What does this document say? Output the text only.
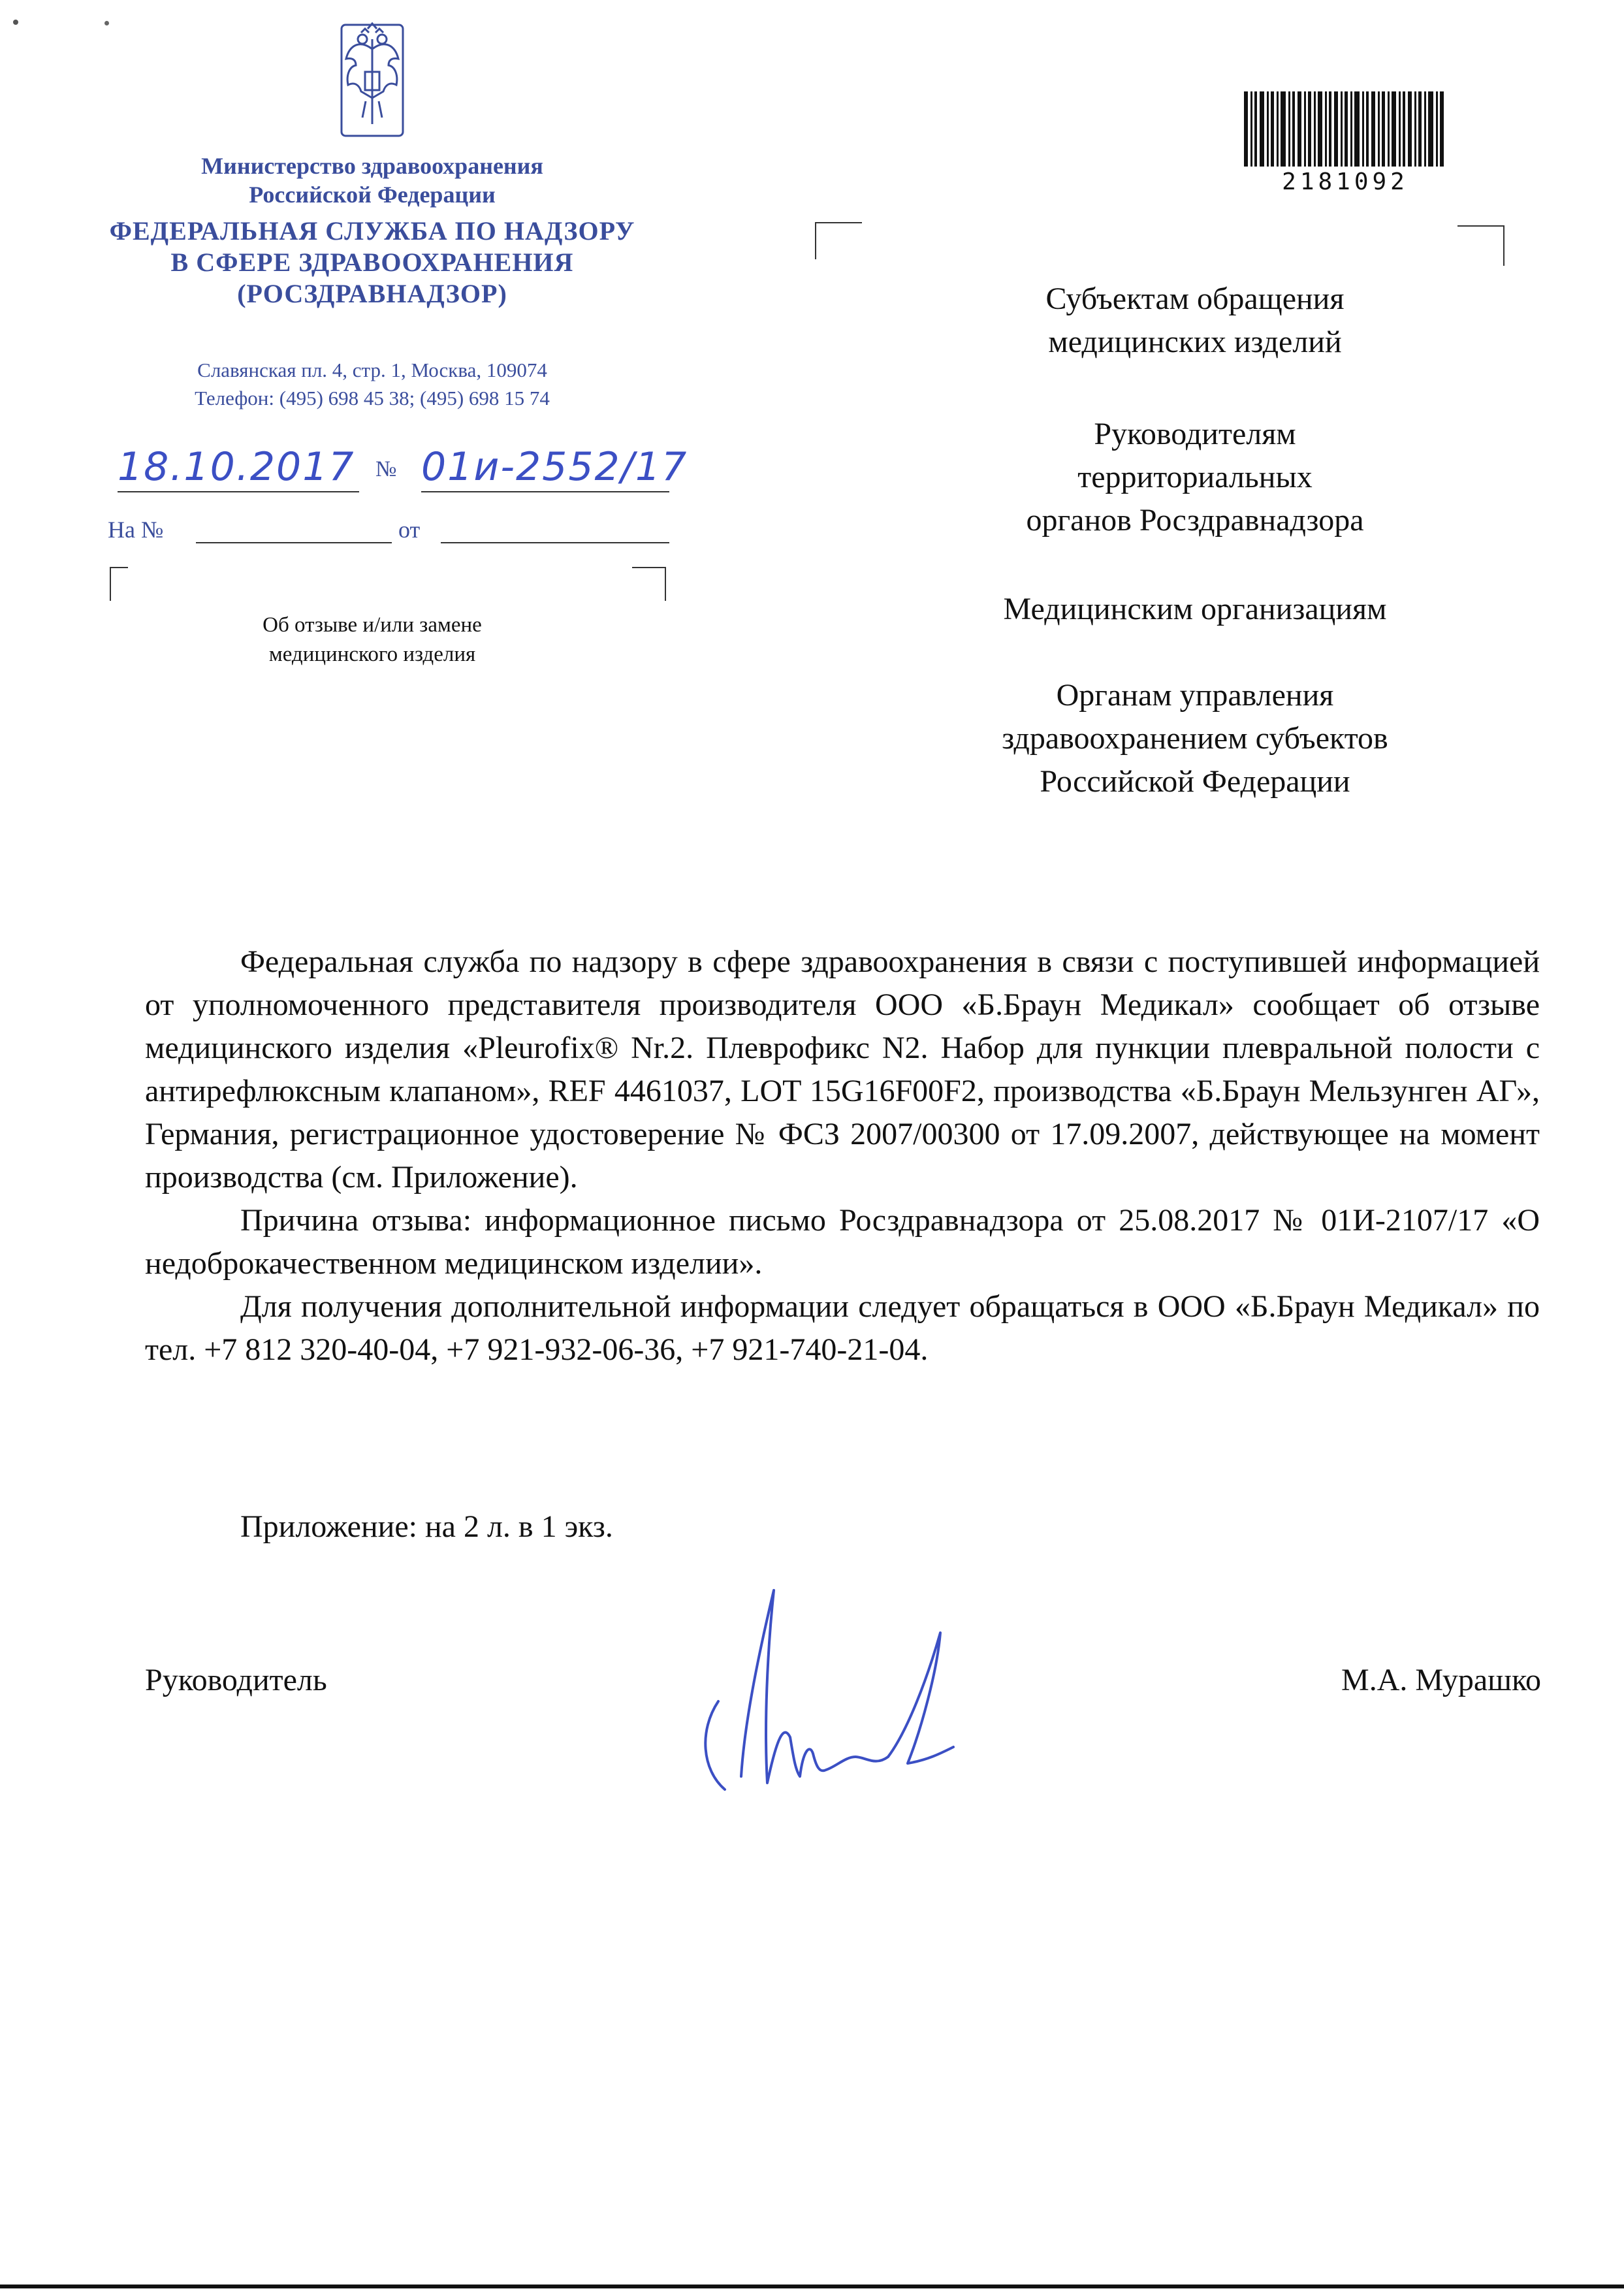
Министерство здравоохранения
Российской Федерации
ФЕДЕРАЛЬНАЯ СЛУЖБА ПО НАДЗОРУ
В СФЕРЕ ЗДРАВООХРАНЕНИЯ
(РОСЗДРАВНАДЗОР)
Славянская пл. 4, стр. 1, Москва, 109074
Телефон: (495) 698 45 38; (495) 698 15 74
18.10.2017 № 01и-2552/17
На №	от
Об отзыве и/или замене
медицинского изделия
2181092
Субъектам обращения
медицинских изделий
Руководителям
территориальных
органов Росздравнадзора
Медицинским организациям
Органам управления
здравоохранением субъектов
Российской Федерации

Федеральная служба по надзору в сфере здравоохранения в связи с поступившей информацией от уполномоченного представителя производителя ООО «Б.Браун Медикал» сообщает об отзыве медицинского изделия «Pleurofix® Nr.2. Плеврофикс N2. Набор для пункции плевральной полости с антирефлюксным клапаном», REF 4461037, LOT 15G16F00F2, производства «Б.Браун Мельзунген АГ», Германия, регистрационное удостоверение № ФСЗ 2007/00300 от 17.09.2007, действующее на момент производства (см. Приложение).

Причина отзыва: информационное письмо Росздравнадзора от 25.08.2017 № 01И-2107/17 «О недоброкачественном медицинском изделии».

Для получения дополнительной информации следует обращаться в ООО «Б.Браун Медикал» по тел. +7 812 320-40-04, +7 921-932-06-36, +7 921-740-21-04.

Приложение: на 2 л. в 1 экз.

Руководитель	М.А. Мурашко
